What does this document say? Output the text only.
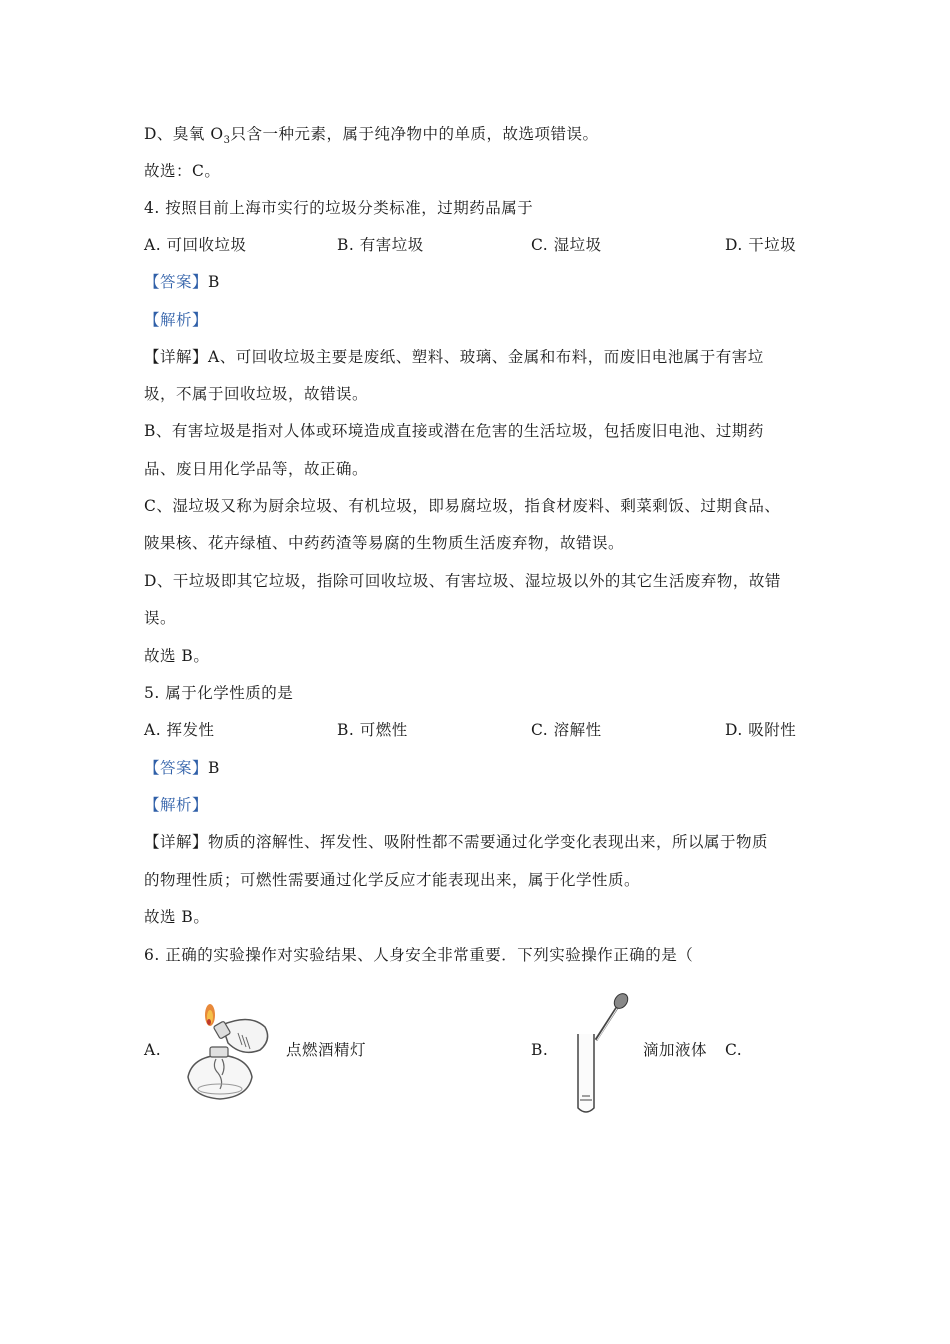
D、臭氧 $O_3$只含一种元素，属于纯净物中的单质，故选项错误。
故选：C。
4. 按照目前上海市实行的垃圾分类标准，过期药品属于
A. 可回收垃圾	B. 有害垃圾	C. 湿垃圾	D. 干垃圾
【答案】B
【解析】
【详解】A、可回收垃圾主要是废纸、塑料、玻璃、金属和布料，而废旧电池属于有害垃
圾，不属于回收垃圾，故错误。
B、有害垃圾是指对人体或环境造成直接或潜在危害的生活垃圾，包括废旧电池、过期药
品、废日用化学品等，故正确。
C、湿垃圾又称为厨余垃圾、有机垃圾，即易腐垃圾，指食材废料、剩菜剩饭、过期食品、
陂果核、花卉绿植、中药药渣等易腐的生物质生活废弃物，故错误。
D、干垃圾即其它垃圾，指除可回收垃圾、有害垃圾、湿垃圾以外的其它生活废弃物，故错
误。
故选 B。
5. 属于化学性质的是
A. 挥发性	B. 可燃性	C. 溶解性	D. 吸附性
【答案】B
【解析】
【详解】物质的溶解性、挥发性、吸附性都不需要通过化学变化表现出来，所以属于物质
的物理性质；可燃性需要通过化学反应才能表现出来，属于化学性质。
故选 B。
6. 正确的实验操作对实验结果、人身安全非常重要．下列实验操作正确的是（
A.	点燃酒精灯	B.	滴加液体 C.
